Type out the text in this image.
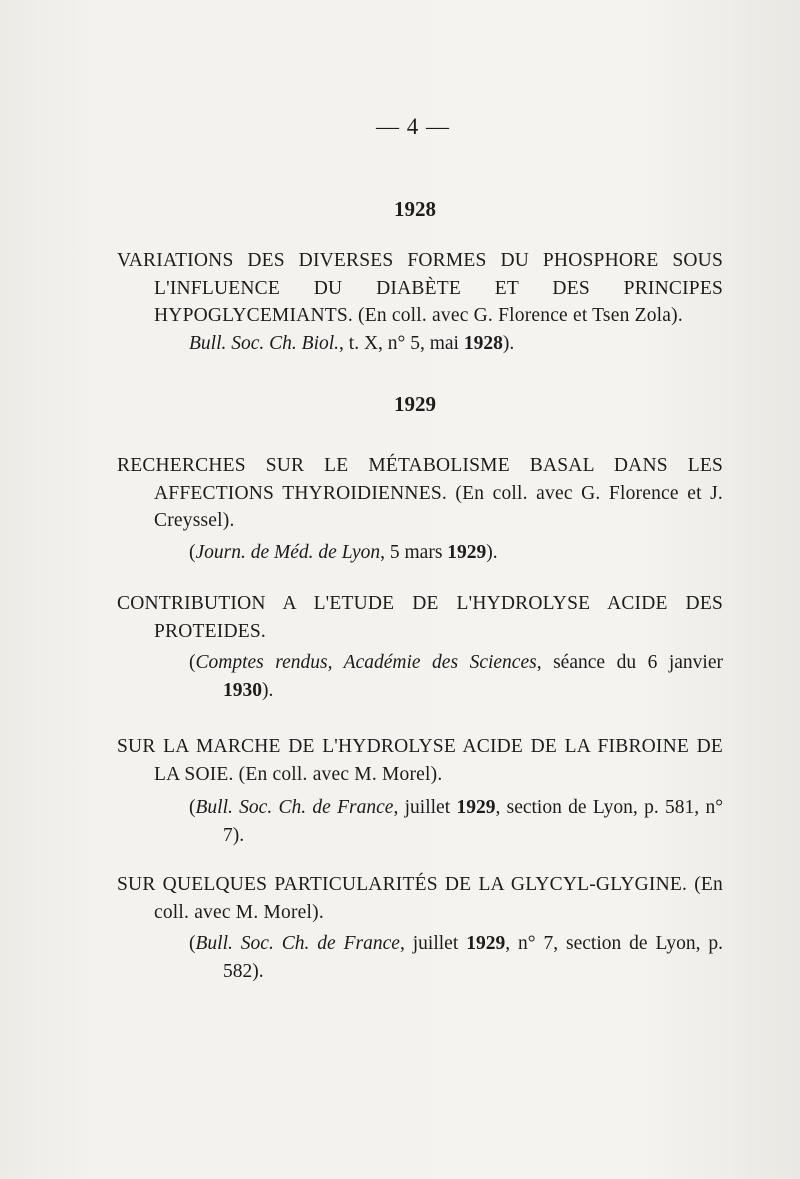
— 4 —
1928
VARIATIONS DES DIVERSES FORMES DU PHOSPHORE SOUS L'INFLUENCE DU DIABÈTE ET DES PRINCIPES HYPOGLYCEMIANTS. (En coll. avec G. Florence et Tsen Zola).
Bull. Soc. Ch. Biol., t. X, n° 5, mai 1928).
1929
RECHERCHES SUR LE MÉTABOLISME BASAL DANS LES AFFECTIONS THYROIDIENNES. (En coll. avec G. Florence et J. Creyssel).
(Journ. de Méd. de Lyon, 5 mars 1929).
CONTRIBUTION A L'ETUDE DE L'HYDROLYSE ACIDE DES PROTEIDES.
(Comptes rendus, Académie des Sciences, séance du 6 janvier 1930).
SUR LA MARCHE DE L'HYDROLYSE ACIDE DE LA FIBROINE DE LA SOIE. (En coll. avec M. Morel).
(Bull. Soc. Ch. de France, juillet 1929, section de Lyon, p. 581, n° 7).
SUR QUELQUES PARTICULARITÉS DE LA GLYCYL-GLYGINE. (En coll. avec M. Morel).
(Bull. Soc. Ch. de France, juillet 1929, n° 7, section de Lyon, p. 582).
